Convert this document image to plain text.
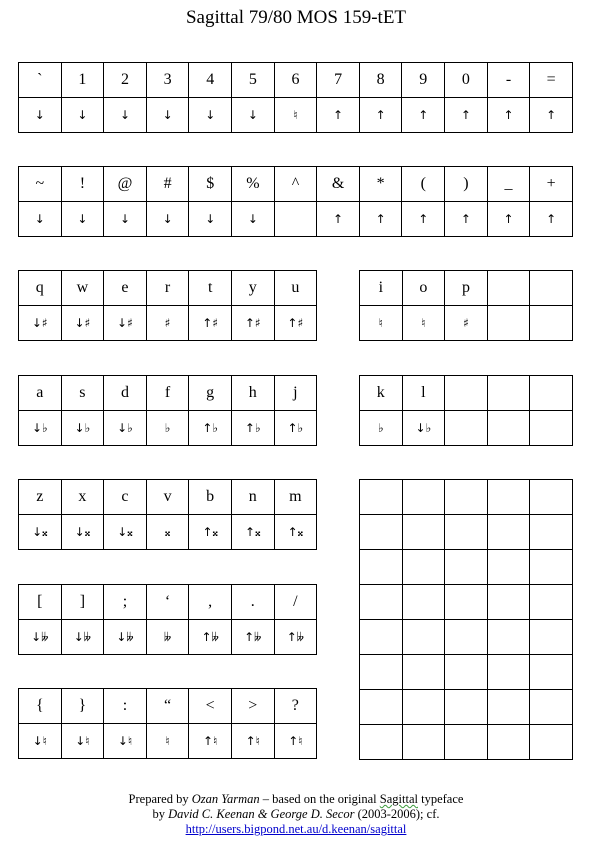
Sagittal 79/80 MOS 159-tET
`	1	2	3	4	5	6	7	8	9	0	-	=
↓	↓	↓	↓	↓	↓	♮	↑	↑	↑	↑	↑	↑
~	!	@	#	$	%	^	&	*	(	)	_	+
↓	↓	↓	↓	↓	↓		↑	↑	↑	↑	↑	↑
q	w	e	r	t	y	u
↓♯	↓♯	↓♯	♯	↑♯	↑♯	↑♯
i	o	p		
♮	♮	♯		
a	s	d	f	g	h	j
↓♭	↓♭	↓♭	♭	↑♭	↑♭	↑♭
k	l			
♭	↓♭			
z	x	c	v	b	n	m
↓𝄪	↓𝄪	↓𝄪	𝄪	↑𝄪	↑𝄪	↑𝄪

[	]	;	‘	,	.	/
↓𝄫	↓𝄫	↓𝄫	𝄫	↑𝄫	↑𝄫	↑𝄫
{	}	:	“	<	>	?
↓♮	↓♮	↓♮	♮	↑♮	↑♮	↑♮
Prepared by Ozan Yarman – based on the original Sagittal typeface
by David C. Keenan & George D. Secor (2003-2006); cf.
http://users.bigpond.net.au/d.keenan/sagittal
